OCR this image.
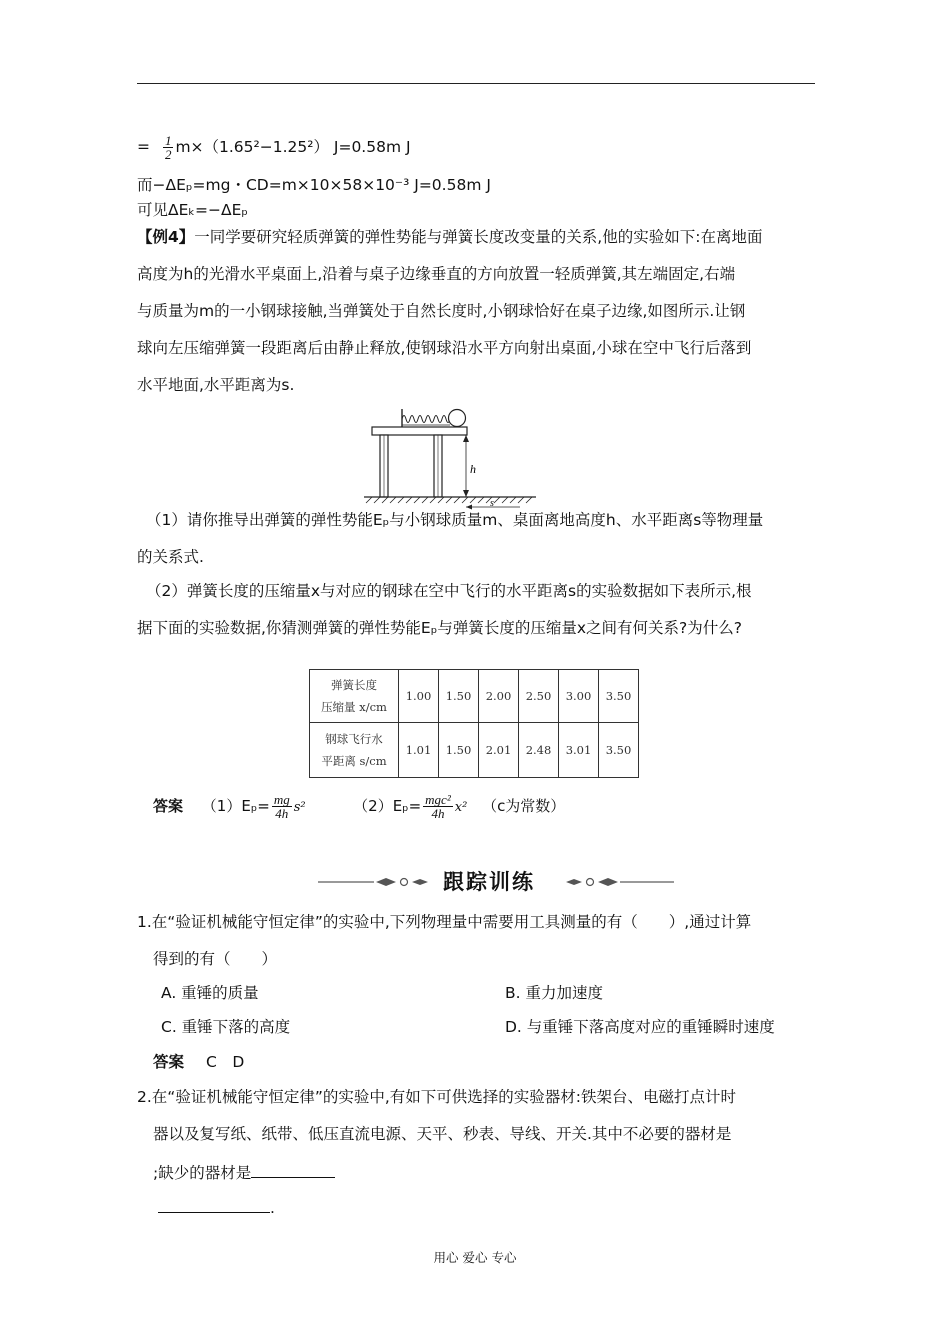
= $\frac{1}{2} m\times(1.65^2-1.25^2)$ J=0.58m J
而−ΔEₚ=mg・CD=m×10×58×10⁻³ J=0.58m J
可见ΔEₖ=−ΔEₚ
【例4】一同学要研究轻质弹簧的弹性势能与弹簧长度改变量的关系,他的实验如下:在离地面
高度为h的光滑水平桌面上,沿着与桌子边缘垂直的方向放置一轻质弹簧,其左端固定,右端
与质量为m的一小钢球接触,当弹簧处于自然长度时,小钢球恰好在桌子边缘,如图所示.让钢
球向左压缩弹簧一段距离后由静止释放,使钢球沿水平方向射出桌面,小球在空中飞行后落到
水平地面,水平距离为s.
h
s
（1）请你推导出弹簧的弹性势能Eₚ与小钢球质量m、桌面离地高度h、水平距离s等物理量
的关系式.
（2）弹簧长度的压缩量x与对应的钢球在空中飞行的水平距离s的实验数据如下表所示,根
据下面的实验数据,你猜测弹簧的弹性势能Eₚ与弹簧长度的压缩量x之间有何关系?为什么?
弹簧长度
压缩量 x/cm	1.00	1.50	2.00	2.50	3.00	3.50

钢球飞行水
平距离 s/cm	1.01	1.50	2.01	2.48	3.01	3.50
答案 $(1)E_p= \frac{mg}{4h} s^2$	$(2)E_p= \frac{\text{mgc²}}{4h} x^2$ （c为常数）
跟踪训练
1.在“验证机械能守恒定律”的实验中,下列物理量中需要用工具测量的有（　　）,通过计算
得到的有（　　）
A. 重锤的质量	B. 重力加速度
C. 重锤下落的高度	D. 与重锤下落高度对应的重锤瞬时速度
答案 C　D
2.在“验证机械能守恒定律”的实验中,有如下可供选择的实验器材:铁架台、电磁打点计时
器以及复写纸、纸带、低压直流电源、天平、秒表、导线、开关.其中不必要的器材是
;缺少的器材是
.
用心 爱心 专心
